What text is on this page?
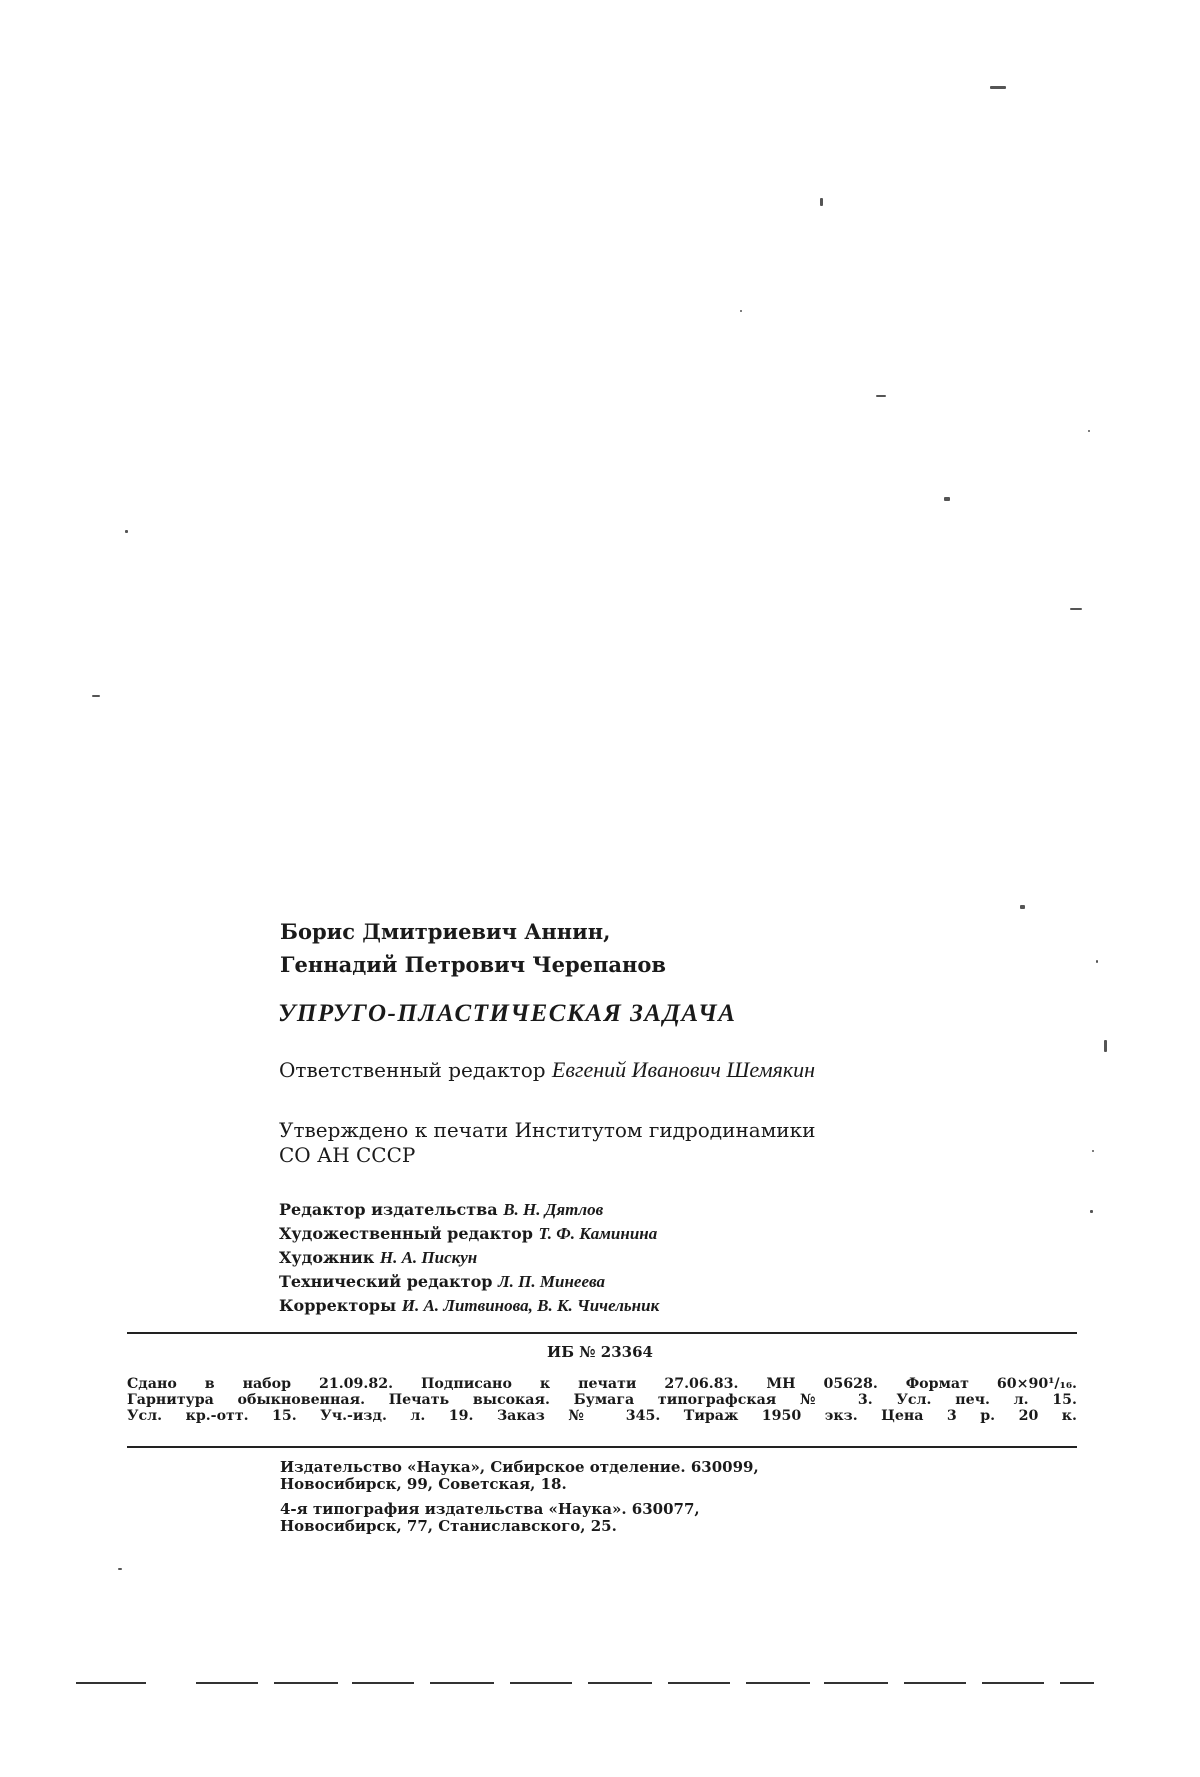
Борис Дмитриевич Аннин,
Геннадий Петрович Черепанов
УПРУГО-ПЛАСТИЧЕСКАЯ ЗАДАЧА
Ответственный редактор Евгений Иванович Шемякин
Утверждено к печати Институтом гидродинамики
СО АН СССР
Редактор издательства В. Н. Дятлов
Художественный редактор Т. Ф. Каминина
Художник Н. А. Пискун
Технический редактор Л. П. Минеева
Корректоры И. А. Литвинова, В. К. Чичельник
ИБ № 23364
Сдано в набор 21.09.82. Подписано к печати 27.06.83. МН 05628. Формат 60×90¹/₁₆.
Гарнитура обыкновенная. Печать высокая. Бумага типографская № 3. Усл. печ. л. 15.
Усл. кр.-отт. 15. Уч.-изд. л. 19. Заказ № 345. Тираж 1950 экз. Цена 3 р. 20 к.
Издательство «Наука», Сибирское отделение. 630099,
Новосибирск, 99, Советская, 18.
4-я типография издательства «Наука». 630077,
Новосибирск, 77, Станиславского, 25.
